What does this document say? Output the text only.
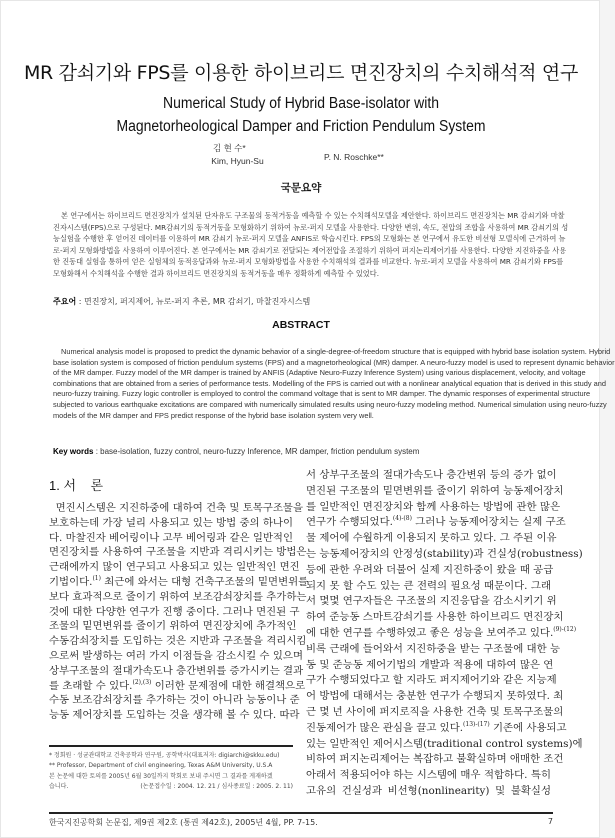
MR 감쇠기와 FPS를 이용한 하이브리드 면진장치의 수치해석적 연구
Numerical Study of Hybrid Base-isolator with
Magnetorheological Damper and Friction Pendulum System
김 현 수*
Kim, Hyun-Su	P. N. Roschke**
국문요약
본 연구에서는 하이브리드 면진장치가 설치된 단자유도 구조물의 동적거동을 예측할 수 있는 수치해석모델을 제안한다. 하이브리드 면진장치는 MR 감쇠기와 마찰
진자시스템(FPS)으로 구성된다. MR감쇠기의 동적거동을 모형화하기 위하여 뉴로-퍼지 모델을 사용한다. 다양한 변위, 속도, 전압의 조합을 사용하여 MR 감쇠기의 성
능실험을 수행한 후 얻어진 데이터를 이용하여 MR 감쇠기 뉴로-퍼지 모델을 ANFIS로 학습시킨다. FPS의 모형화는 본 연구에서 유도한 비선형 모델식에 근거하여 뉴
로-퍼지 모형화방법을 사용하여 이루어진다. 본 연구에서는 MR 감쇠기로 전달되는 제어전압을 조절하기 위하여 퍼지논리제어기를 사용한다. 다양한 지진하중을 사용
한 진동대 실험을 통하여 얻은 실험체의 동적응답과와 뉴로-퍼지 모형화방법을 사용한 수치해석의 결과를 비교한다. 뉴로-퍼지 모델을 사용하여 MR 감쇠기와 FPS를
모형화해서 수치해석을 수행한 결과 하이브리드 면진장치의 동적거동을 매우 정확하게 예측할 수 있었다.
주요어 : 면진장치, 퍼지제어, 뉴로-퍼지 추론, MR 감쇠기, 마찰진자시스템
ABSTRACT
Numerical analysis model is proposed to predict the dynamic behavior of a single-degree-of-freedom structure that is equipped with hybrid base isolation system. Hybrid
base isolation system is composed of friction pendulum systems (FPS) and a magnetorheological (MR) damper. A neuro-fuzzy model is used to represent dynamic behavior
of the MR damper. Fuzzy model of the MR damper is trained by ANFIS (Adaptive Neuro-Fuzzy Inference System) using various displacement, velocity, and voltage
combinations that are obtained from a series of performance tests. Modelling of the FPS is carried out with a nonlinear analytical equation that is derived in this study and
neuro-fuzzy training. Fuzzy logic controller is employed to control the command voltage that is sent to MR damper. The dynamic responses of experimental structure
subjected to various earthquake excitations are compared with numerically simulated results using neuro-fuzzy modeling method. Numerical simulation using neuro-fuzzy
models of the MR damper and FPS predict response of the hybrid base isolation system very well.
Key words : base-isolation, fuzzy control, neuro-fuzzy Inference, MR damper, friction pendulum system
1. 서    론
면진시스템은 지진하중에 대하여 건축 및 토목구조물을
보호하는데 가장 널리 사용되고 있는 방법 중의 하나이
다. 마찰진자 베어링이나 고무 베어링과 같은 일반적인
면진장치를 사용하여 구조물을 지반과 격리시키는 방법은
근래에까지 많이 연구되고 사용되고 있는 일반적인 면진
기법이다.$^{(1)}$ 최근에 와서는 대형 건축구조물의 밑면변위를
보다 효과적으로 줄이기 위하여 보조감쇠장치를 추가하는
것에 대한 다양한 연구가 진행 중이다. 그러나 면진된 구
조물의 밑면변위를 줄이기 위하여 면진장치에 추가적인
수동감쇠장치를 도입하는 것은 지반과 구조물을 격리시킴
으로써 발생하는 여러 가지 이점들을 감소시킬 수 있으며
상부구조물의 절대가속도나 층간변위를 증가시키는 결과
를 초래할 수 있다.$^{(2),(3)}$ 이러한 문제점에 대한 해결책으로
수동 보조감쇠장치를 추가하는 것이 아니라 능동이나 준
능동 제어장치를 도입하는 것을 생각해 볼 수 있다. 따라
서 상부구조물의 절대가속도나 층간변위 등의 증가 없이
면진된 구조물의 밑면변위를 줄이기 위하여 능동제어장치
를 일반적인 면진장치와 함께 사용하는 방법에 관한 많은
연구가 수행되었다.$^{(4)-(8)}$ 그러나 능동제어장치는 실제 구조
물 제어에 수월하게 이용되지 못하고 있다. 그 주된 이유
는 능동제어장치의 안정성(stability)과 건실성(robustness)
등에 관한 우려와 더불어 실제 지진하중이 왔을 때 공급
되지 못 할 수도 있는 큰 전력의 필요성 때문이다. 그래
서 몇몇 연구자들은 구조물의 지진응답을 감소시키기 위
하여 준능동 스마트감쇠기를 사용한 하이브리드 면진장치
에 대한 연구를 수행하였고 좋은 성능을 보여주고 있다.$^{(9)-(12)}$
비록 근래에 들어와서 지진하중을 받는 구조물에 대한 능
동 및 준능동 제어기법의 개발과 적용에 대하여 많은 연
구가 수행되었다고 할 지라도 퍼지제어기와 같은 지능제
어 방법에 대해서는 충분한 연구가 수행되지 못하였다. 최
근 몇 년 사이에 퍼지로직을 사용한 건축 및 토목구조물의
진동제어가 많은 관심을 끌고 있다.$^{(13)-(17)}$ 기존에 사용되고
있는 일반적인 제어시스템(traditional control systems)에
비하여 퍼지논리제어는 복잡하고 불확실하며 애매한 조건
아래서 적용되어야 하는 시스템에 매우 적합하다. 특히
고유의 건실성과 비선형(nonlinearity) 및 불확실성
* 정회원 · 성균관대학교 건축공학과 연구원, 공학박사(대표저자: digiarchi@skku.edu)
** Professor, Department of civil engineering, Texas A&M University, U.S.A
본 논문에 대한 토의를 2005년 6월 30일까지 학회로 보내 주시면 그 결과를 게재하겠
습니다.	(논문접수일 : 2004. 12. 21 / 심사종료일 : 2005. 2. 11)
한국지진공학회 논문집, 제9권 제2호 (통권 제42호), 2005년 4월, PP. 7-15.	7
